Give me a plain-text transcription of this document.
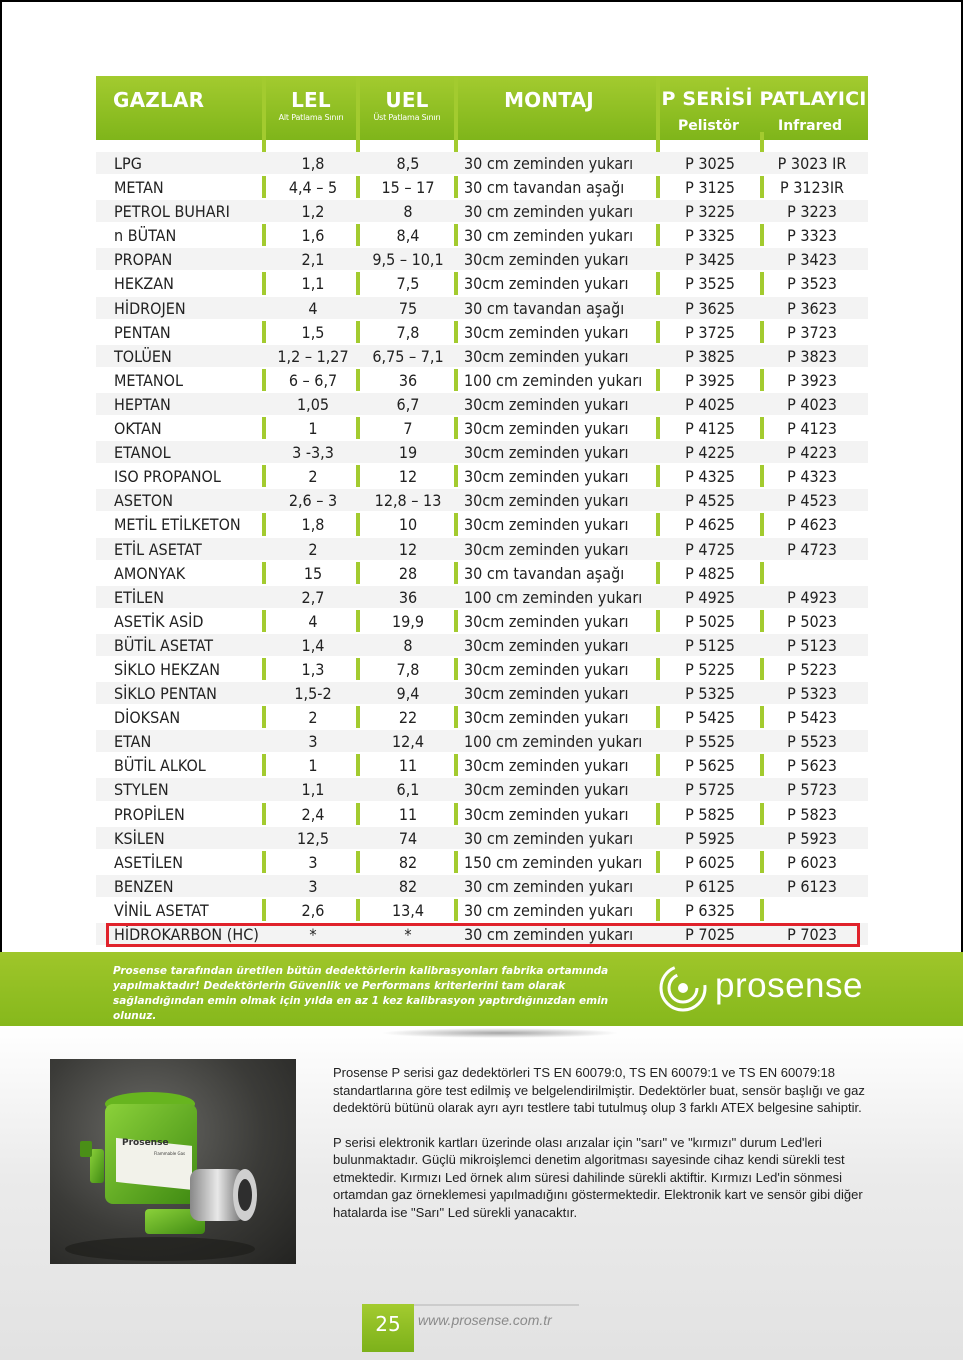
GAZLAR	LEL
Alt Patlama Sınırı
UEL
Üst Patlama Sınırı
MONTAJ	P SERİSİ PATLAYICI
Pelistör	Infrared
LPG	1,8	8,5	30 cm zeminden yukarı	P 3025	P 3023 IR
METAN	4,4 – 5	15 – 17	30 cm tavandan aşağı	P 3125	P 3123IR
PETROL BUHARI	1,2	8	30 cm zeminden yukarı	P 3225	P 3223
n BÜTAN	1,6	8,4	30 cm zeminden yukarı	P 3325	P 3323
PROPAN	2,1	9,5 – 10,1	30cm zeminden yukarı	P 3425	P 3423
HEKZAN	1,1	7,5	30cm zeminden yukarı	P 3525	P 3523
HİDROJEN	4	75	30 cm tavandan aşağı	P 3625	P 3623
PENTAN	1,5	7,8	30cm zeminden yukarı	P 3725	P 3723
TOLÜEN	1,2 – 1,27	6,75 – 7,1	30cm zeminden yukarı	P 3825	P 3823
METANOL	6 – 6,7	36	100 cm zeminden yukarı	P 3925	P 3923
HEPTAN	1,05	6,7	30cm zeminden yukarı	P 4025	P 4023
OKTAN	1	7	30cm zeminden yukarı	P 4125	P 4123
ETANOL	3 -3,3	19	30cm zeminden yukarı	P 4225	P 4223
ISO PROPANOL	2	12	30cm zeminden yukarı	P 4325	P 4323
ASETON	2,6 – 3	12,8 – 13	30cm zeminden yukarı	P 4525	P 4523
METİL ETİLKETON	1,8	10	30cm zeminden yukarı	P 4625	P 4623
ETİL ASETAT	2	12	30cm zeminden yukarı	P 4725	P 4723
AMONYAK	15	28	30 cm tavandan aşağı	P 4825
ETİLEN	2,7	36	100 cm zeminden yukarı	P 4925	P 4923
ASETİK ASİD	4	19,9	30cm zeminden yukarı	P 5025	P 5023
BÜTİL ASETAT	1,4	8	30cm zeminden yukarı	P 5125	P 5123
SİKLO HEKZAN	1,3	7,8	30cm zeminden yukarı	P 5225	P 5223
SİKLO PENTAN	1,5-2	9,4	30cm zeminden yukarı	P 5325	P 5323
DİOKSAN	2	22	30cm zeminden yukarı	P 5425	P 5423
ETAN	3	12,4	100 cm zeminden yukarı	P 5525	P 5523
BÜTİL ALKOL	1	11	30cm zeminden yukarı	P 5625	P 5623
STYLEN	1,1	6,1	30cm zeminden yukarı	P 5725	P 5723
PROPİLEN	2,4	11	30cm zeminden yukarı	P 5825	P 5823
KSİLEN	12,5	74	30 cm zeminden yukarı	P 5925	P 5923
ASETİLEN	3	82	150 cm zeminden yukarı	P 6025	P 6023
BENZEN	3	82	30 cm zeminden yukarı	P 6125	P 6123
VİNİL ASETAT	2,6	13,4	30 cm zeminden yukarı	P 6325
HİDROKARBON (HC)	*	*	30 cm zeminden yukarı	P 7025	P 7023
Prosense tarafından üretilen bütün dedektörlerin kalibrasyonları fabrika ortamında yapılmaktadır! Dedektörlerin Güvenlik ve Performans kriterlerini tam olarak sağlandığından emin olmak için yılda en az 1 kez kalibrasyon yaptırdığınızdan emin olunuz.
prosense
Prosense
Flammable Gas

Prosense P serisi gaz dedektörleri TS EN 60079:0, TS EN 60079:1 ve TS EN 60079:18 standartlarına göre test edilmiş ve belgelendirilmiştir. Dedektörler buat, sensör başlığı ve gaz dedektörü bütünü olarak ayrı ayrı testlere tabi tutulmuş olup 3 farklı ATEX belgesine sahiptir.

P serisi elektronik kartları üzerinde olası arızalar için "sarı" ve "kırmızı" durum Led'leri bulunmaktadır. Güçlü mikroişlemci denetim algoritması sayesinde cihaz kendi sürekli test etmektedir. Kırmızı Led örnek alım süresi dahilinde sürekli aktiftir. Kırmızı Led'in sönmesi ortamdan gaz örneklemesi yapılmadığını göstermektedir. Elektronik kart ve sensör gibi diğer hatalarda ise "Sarı" Led sürekli yanacaktır.

25	www.prosense.com.tr
